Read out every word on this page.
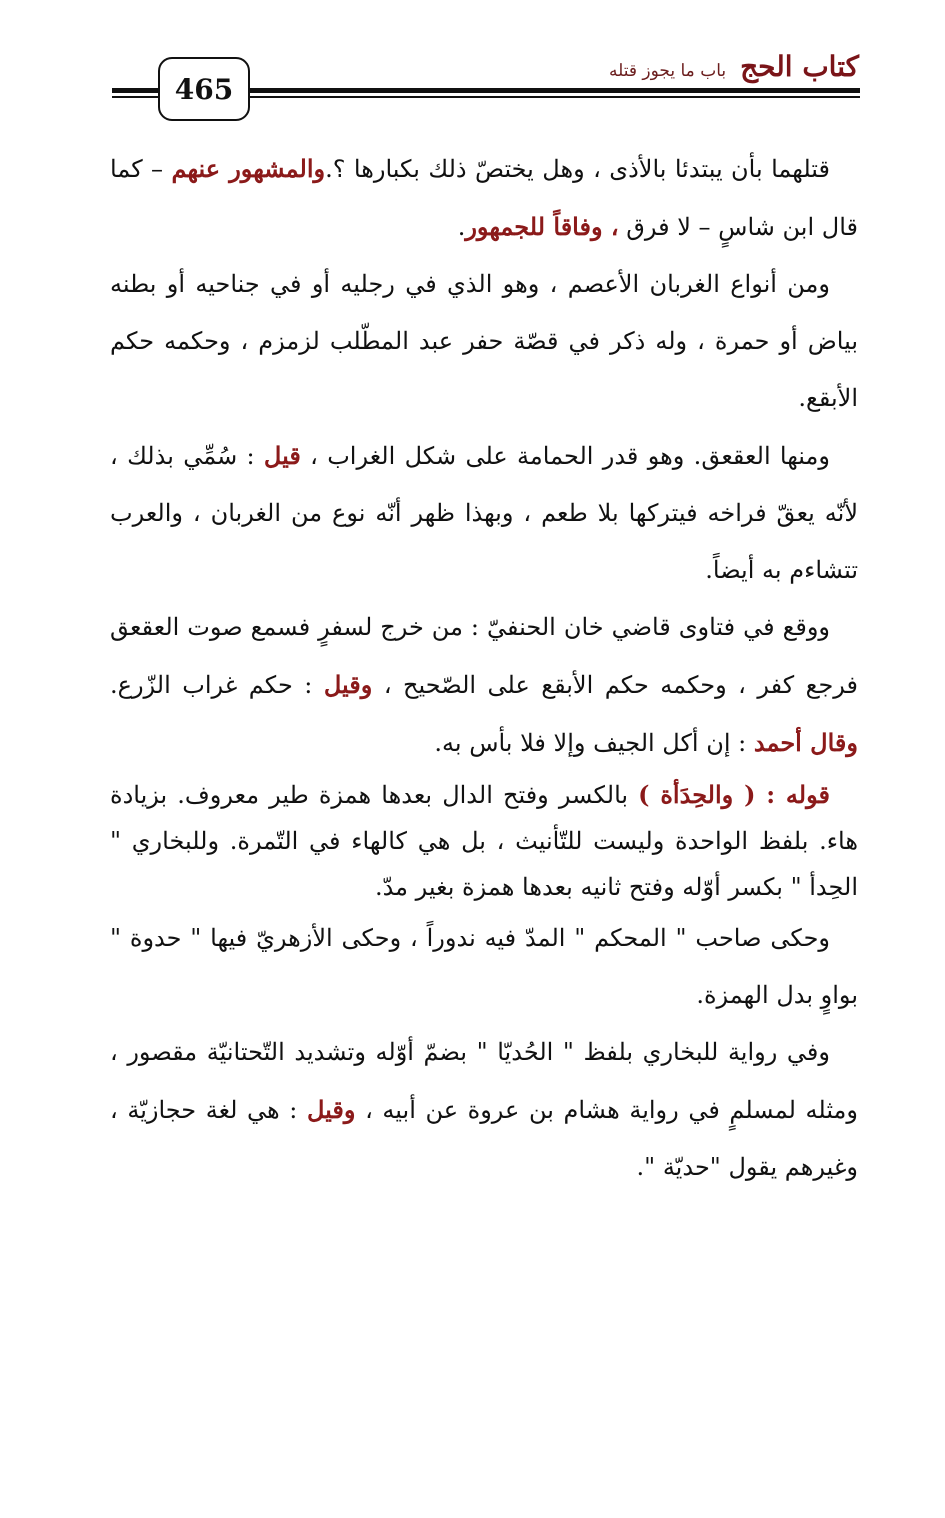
كتاب الحج
باب ما يجوز قتله
465

قتلهما بأن يبتدئا بالأذى ، وهل يختصّ ذلك بكبارها ؟.والمشهور عنهم – كما قال ابن شاسٍ – لا فرق ، وفاقاً للجمهور.

ومن أنواع الغربان الأعصم ، وهو الذي في رجليه أو في جناحيه أو بطنه بياض أو حمرة ، وله ذكر في قصّة حفر عبد المطّلب لزمزم ، وحكمه حكم الأبقع.

ومنها العقعق. وهو قدر الحمامة على شكل الغراب ، قيل : سُمِّي بذلك ، لأنّه يعقّ فراخه فيتركها بلا طعم ، وبهذا ظهر أنّه نوع من الغربان ، والعرب تتشاءم به أيضاً.

ووقع في فتاوى قاضي خان الحنفيّ : من خرج لسفرٍ فسمع صوت العقعق فرجع كفر ، وحكمه حكم الأبقع على الصّحيح ، وقيل : حكم غراب الزّرع. وقال أحمد : إن أكل الجيف وإلا فلا بأس به.

قوله : ( والحِدَأة ) بالكسر وفتح الدال بعدها همزة طير معروف. بزيادة هاء. بلفظ الواحدة وليست للتّأنيث ، بل هي كالهاء في التّمرة. وللبخاري " الحِدأ " بكسر أوّله وفتح ثانيه بعدها همزة بغير مدّ.

وحكى صاحب " المحكم " المدّ فيه ندوراً ، وحكى الأزهريّ فيها " حدوة " بواوٍ بدل الهمزة.

وفي رواية للبخاري بلفظ " الحُديّا " بضمّ أوّله وتشديد التّحتانيّة مقصور ، ومثله لمسلمٍ في رواية هشام بن عروة عن أبيه ، وقيل : هي لغة حجازيّة ، وغيرهم يقول "حديّة ".
